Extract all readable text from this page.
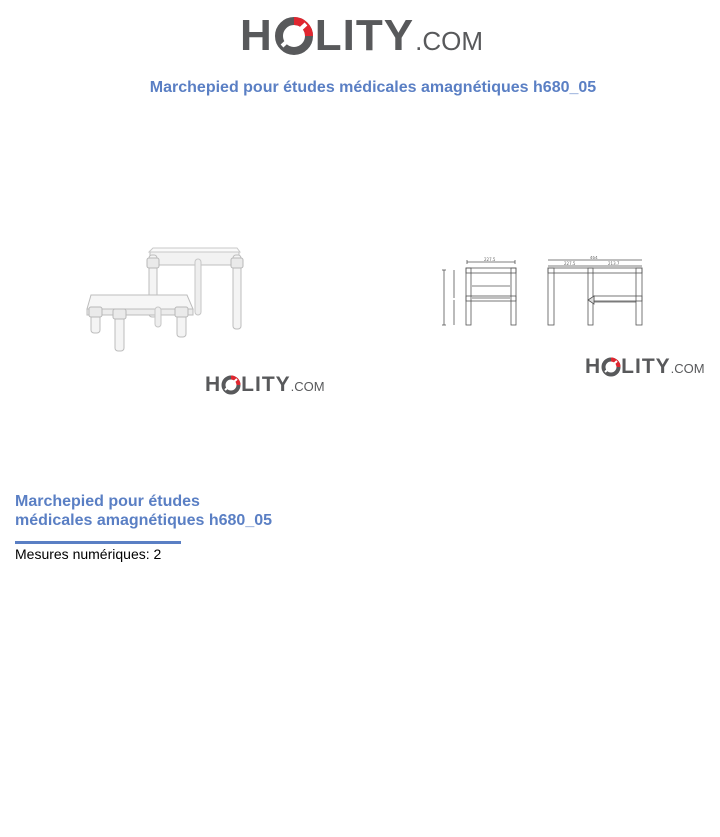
H LITY .COM
Marchepied pour études médicales amagnétiques h680_05
H LITY .COM
227.5
227.5	213.7
464
H LITY .COM
Marchepied pour études
médicales amagnétiques h680_05
Mesures numériques: 2
